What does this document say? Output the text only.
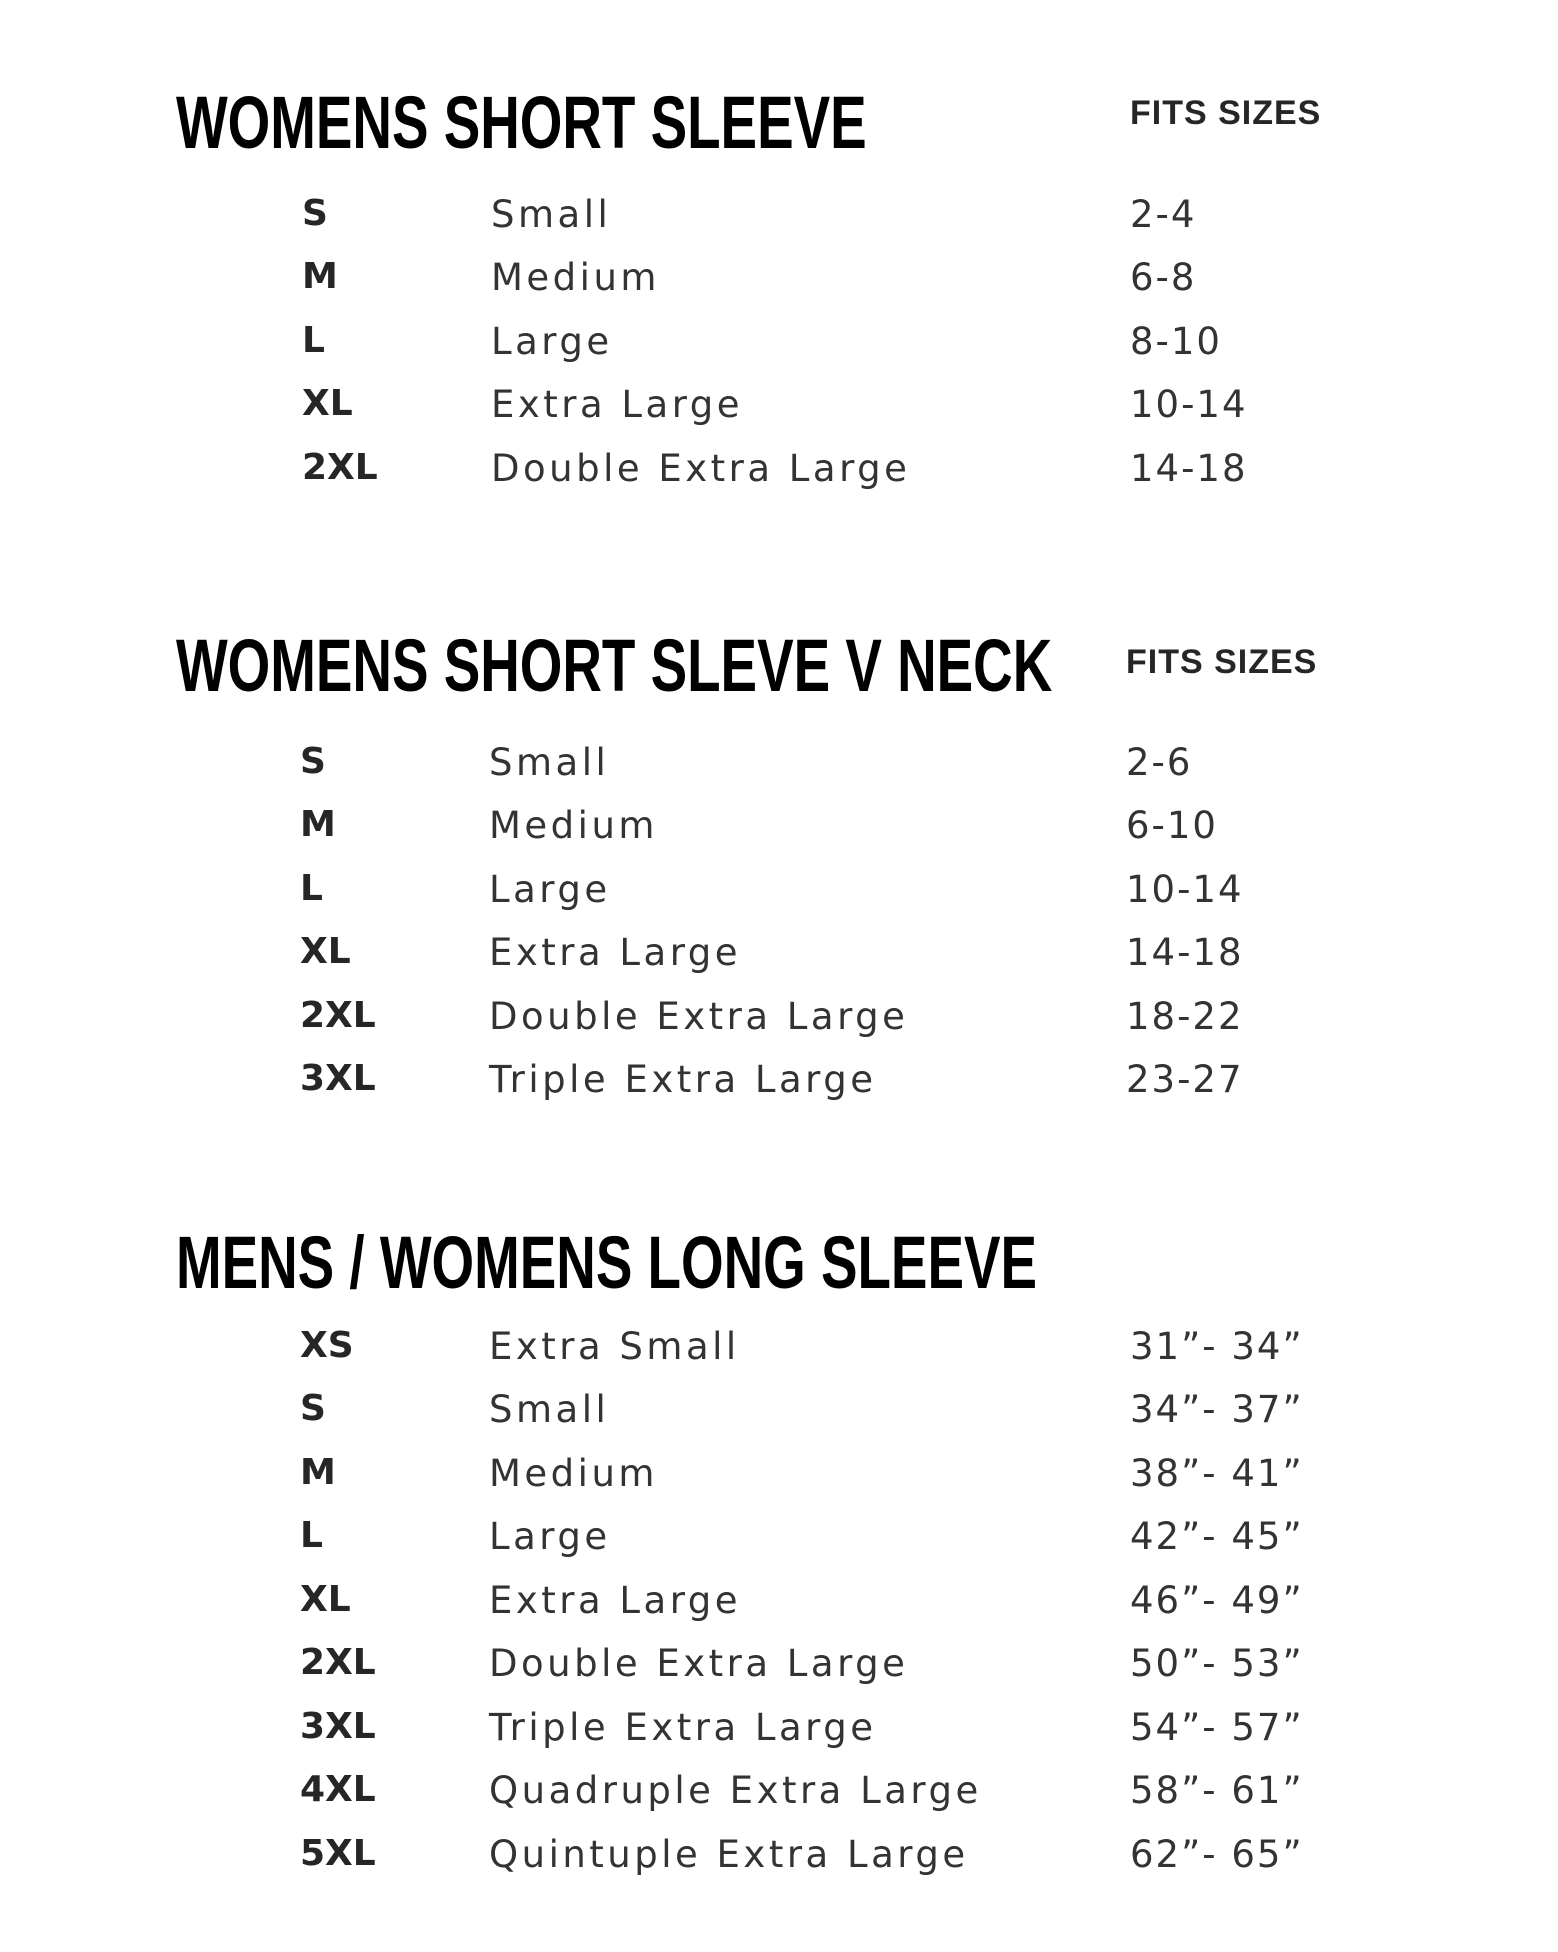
WOMENS SHORT SLEEVE	FITS SIZES
S	Small	2-4
M	Medium	6-8
L	Large	8-10
XL	Extra Large	10-14
2XL	Double Extra Large	14-18
WOMENS SHORT SLEVE V NECK FITS SIZES
S	Small	2-6
M	Medium	6-10
L	Large	10-14
XL	Extra Large	14-18
2XL	Double Extra Large	18-22
3XL	Triple Extra Large	23-27
MENS / WOMENS LONG SLEEVE
XS	Extra Small	31”- 34”
S	Small	34”- 37”
M	Medium	38”- 41”
L	Large	42”- 45”
XL	Extra Large	46”- 49”
2XL	Double Extra Large	50”- 53”
3XL	Triple Extra Large	54”- 57”
4XL	Quadruple Extra Large	58”- 61”
5XL	Quintuple Extra Large	62”- 65”
